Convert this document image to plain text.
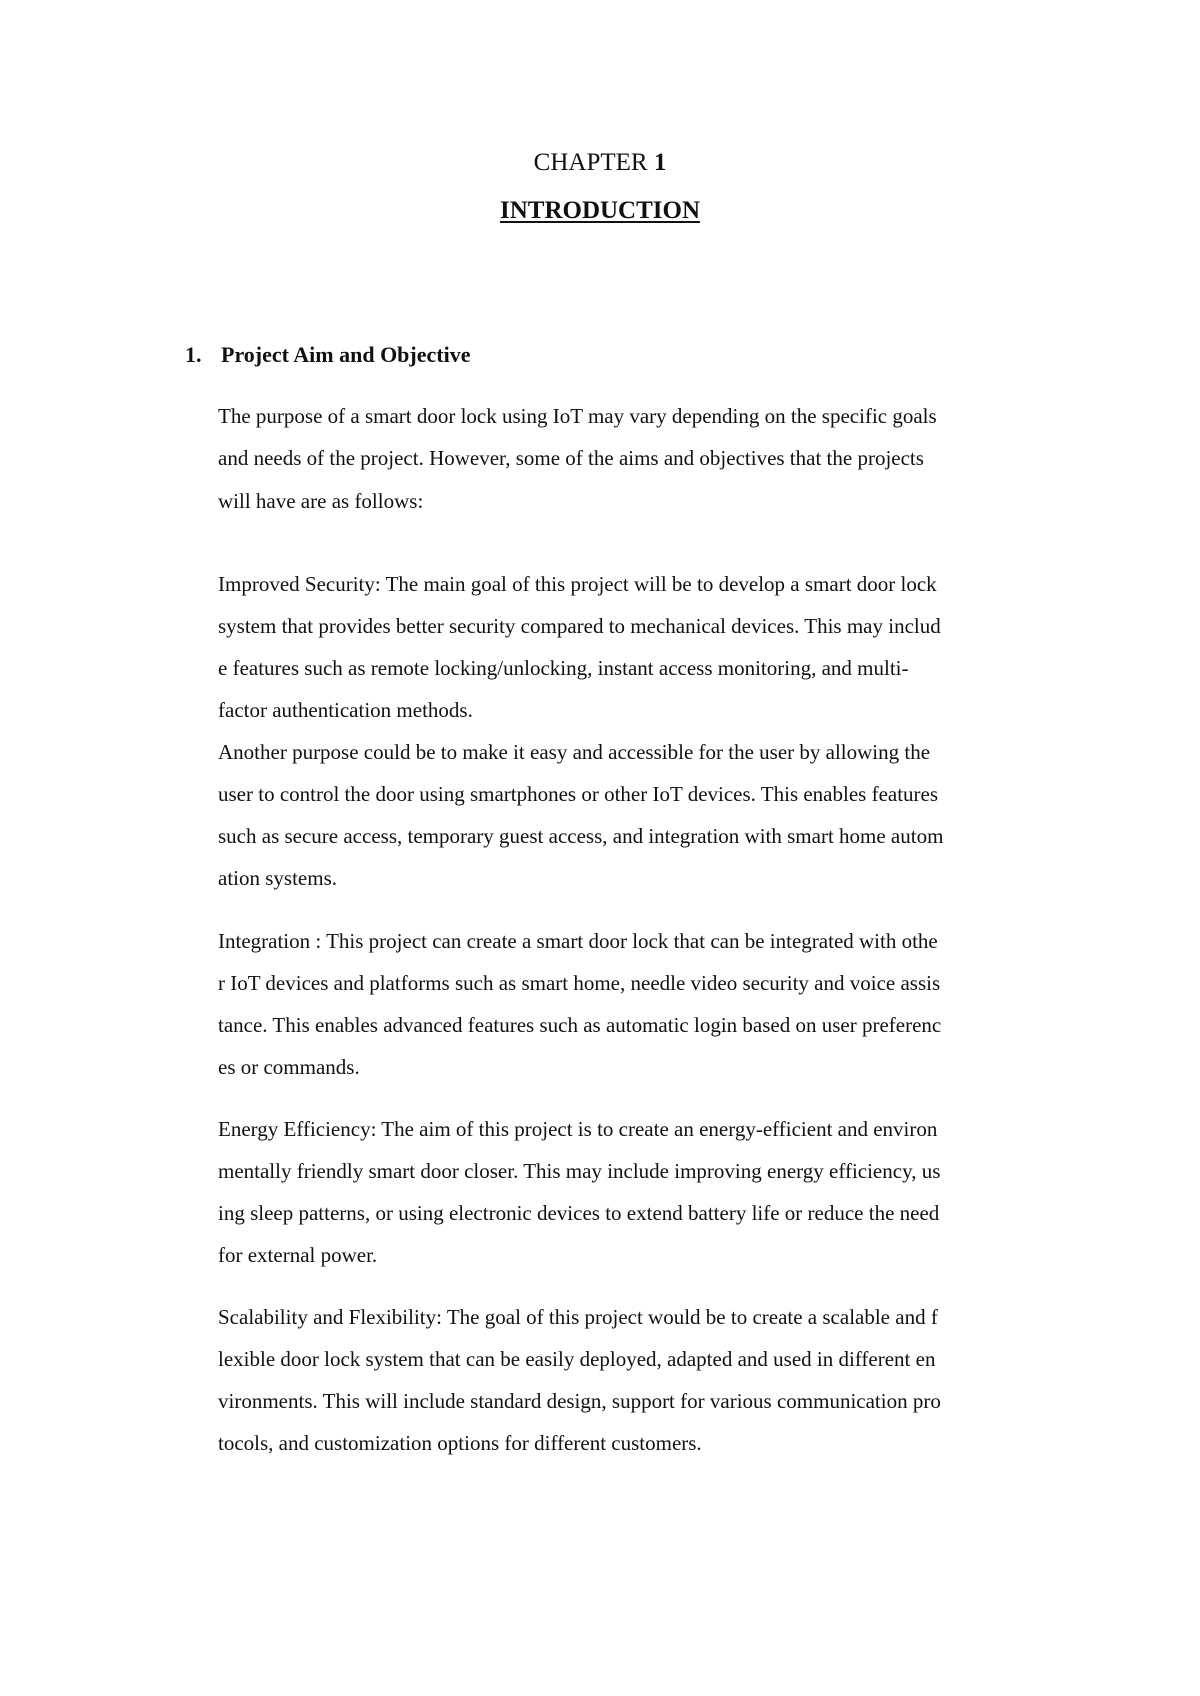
CHAPTER 1
INTRODUCTION
1. Project Aim and Objective
The purpose of a smart door lock using IoT may vary depending on the specific goals
and needs of the project. However, some of the aims and objectives that the projects
will have are as follows:
Improved Security: The main goal of this project will be to develop a smart door lock
system that provides better security compared to mechanical devices. This may includ
e features such as remote locking/unlocking, instant access monitoring, and multi-
factor authentication methods.
Another purpose could be to make it easy and accessible for the user by allowing the
user to control the door using smartphones or other IoT devices. This enables features
such as secure access, temporary guest access, and integration with smart home autom
ation systems.
Integration : This project can create a smart door lock that can be integrated with othe
r IoT devices and platforms such as smart home, needle video security and voice assis
tance. This enables advanced features such as automatic login based on user preferenc
es or commands.
Energy Efficiency: The aim of this project is to create an energy-efficient and environ
mentally friendly smart door closer. This may include improving energy efficiency, us
ing sleep patterns, or using electronic devices to extend battery life or reduce the need
for external power.
Scalability and Flexibility: The goal of this project would be to create a scalable and f
lexible door lock system that can be easily deployed, adapted and used in different en
vironments. This will include standard design, support for various communication pro
tocols, and customization options for different customers.
